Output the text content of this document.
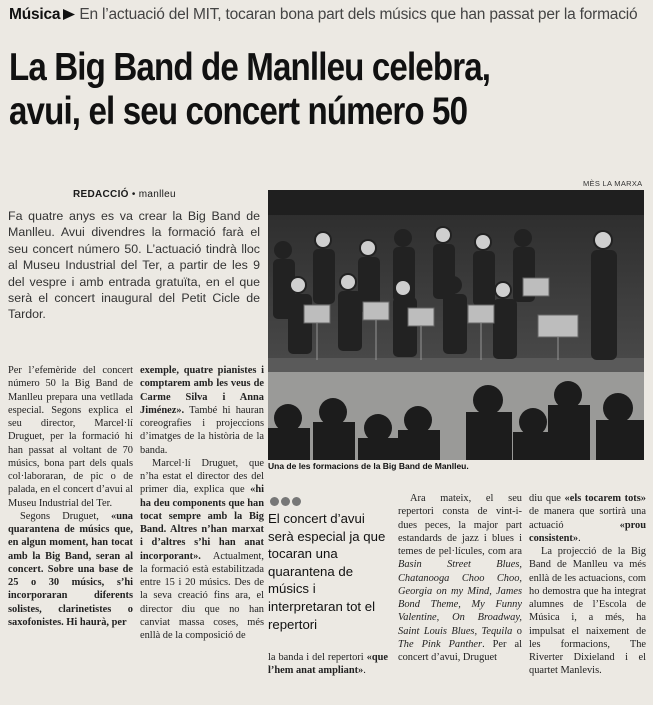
Música En l’actuació del MIT, tocaran bona part dels músics que han passat per la formació
La Big Band de Manlleu celebra,
avui, el seu concert número 50
REDACCIÓ • manlleu
MÈS LA MARXA
Fa quatre anys es va crear la Big Band de Manlleu. Avui divendres la formació farà el seu concert número 50. L’actuació tindrà lloc al Museu Industrial del Ter, a partir de les 9 del vespre i amb entrada gratuïta, en el que serà el concert inaugural del Petit Cicle de Tardor.
Una de les formacions de la Big Band de Manlleu.

Per l’efemèride del concert número 50 la Big Band de Manlleu prepara una vetllada especial. Segons explica el seu director, Marcel·lí Druguet, per la formació hi han passat al voltant de 70 músics, bona part dels quals col·laboraran, de pic o de palada, en el concert d’avui al Museu Industrial del Ter.

Segons Druguet, «una quarantena de músics que, en algun moment, han tocat amb la Big Band, seran al concert. Sobre una base de 25 o 30 músics, s’hi incorporaran diferents solistes, clarinetistes o saxofonistes. Hi haurà, per

exemple, quatre pianistes i comptarem amb les veus de Carme Silva i Anna Jiménez». També hi hauran coreografies i projeccions d’imatges de la història de la banda.

Marcel·lí Druguet, que n’ha estat el director des del primer dia, explica que «hi ha deu components que han tocat sempre amb la Big Band. Altres n’han marxat i d’altres s’hi han anat incorporant». Actualment, la formació està estabilitzada entre 15 i 20 músics. Des de la seva creació fins ara, el director diu que no han canviat massa coses, més enllà de la composició de

El concert d’avui serà especial ja que tocaran una quarantena de músics i interpretaran tot el repertori

la banda i del repertori «que l’hem anat ampliant».

Ara mateix, el seu repertori consta de vint-i-dues peces, la major part estandards de jazz i blues i temes de pel·lícules, com ara Basin Street Blues, Chatanooga Choo Choo, Georgia on my Mind, James Bond Theme, My Funny Valentine, On Broadway, Saint Louis Blues, Tequila o The Pink Panther. Per al concert d’avui, Druguet

diu que «els tocarem tots» de manera que sortirà una actuació «prou consistent».

La projecció de la Big Band de Manlleu va més enllà de les actuacions, com ho demostra que ha integrat alumnes de l’Escola de Música i, a més, ha impulsat el naixement de les formacions, The Riverter Dixieland i el quartet Manlevis.
